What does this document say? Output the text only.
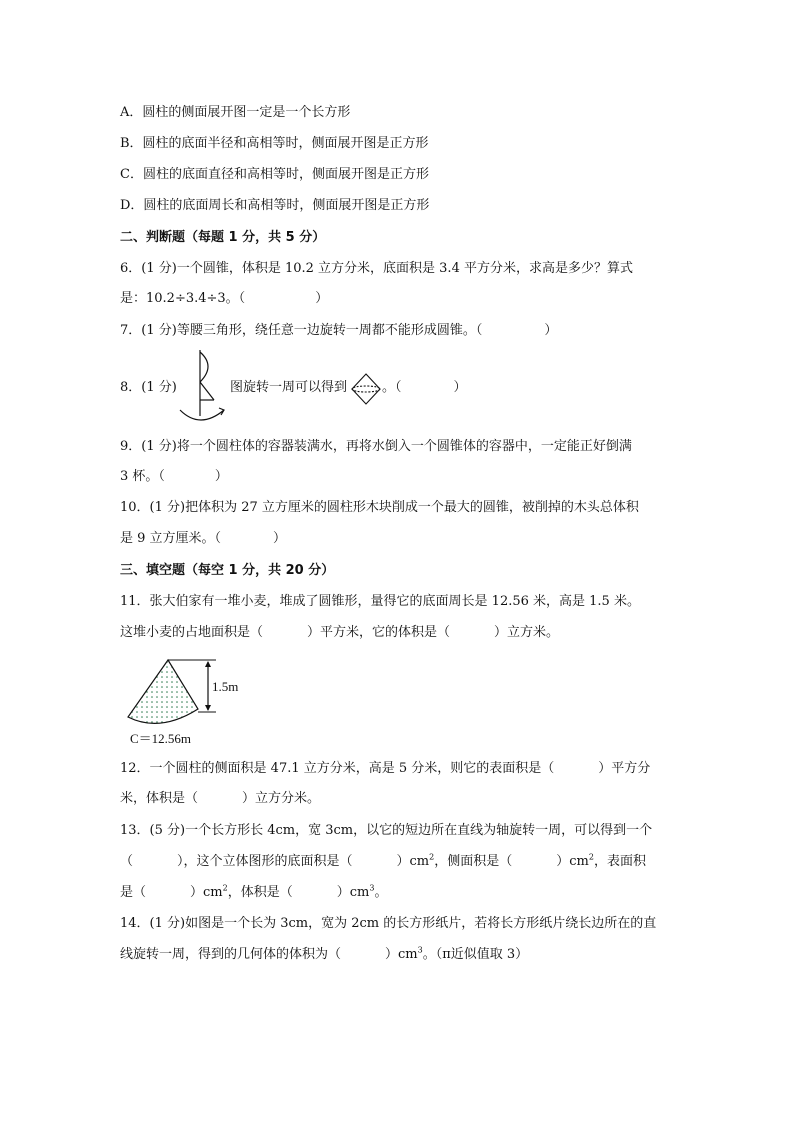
A．圆柱的侧面展开图一定是一个长方形
B．圆柱的底面半径和高相等时，侧面展开图是正方形
C．圆柱的底面直径和高相等时，侧面展开图是正方形
D．圆柱的底面周长和高相等时，侧面展开图是正方形
二、判断题（每题 1 分，共 5 分）
6．(1 分)一个圆锥，体积是 10.2 立方分米，底面积是 3.4 平方分米，求高是多少？算式
是：10.2÷3.4÷3。（	）
7．(1 分)等腰三角形，绕任意一边旋转一周都不能形成圆锥。（	）
8．(1 分)	图旋转一周可以得到	。（	）
9．(1 分)将一个圆柱体的容器装满水，再将水倒入一个圆锥体的容器中，一定能正好倒满
3 杯。（	）
10．(1 分)把体积为 27 立方厘米的圆柱形木块削成一个最大的圆锥，被削掉的木头总体积
是 9 立方厘米。（	）
三、填空题（每空 1 分，共 20 分）
11．张大伯家有一堆小麦，堆成了圆锥形，量得它的底面周长是 12.56 米，高是 1.5 米。
这堆小麦的占地面积是（	）平方米，它的体积是（	）立方米。
1.5m
C＝12.56m
12．一个圆柱的侧面积是 47.1 立方分米，高是 5 分米，则它的表面积是（	）平方分
米，体积是（	）立方分米。
13．(5 分)一个长方形长 4cm，宽 3cm，以它的短边所在直线为轴旋转一周，可以得到一个
（	），这个立体图形的底面积是（	）$cm^2$，侧面积是（	）$cm^2$，表面积
是（	）$cm^2$，体积是（	）$cm^3$。
14．(1 分)如图是一个长为 3cm，宽为 2cm 的长方形纸片，若将长方形纸片绕长边所在的直
线旋转一周，得到的几何体的体积为（	）$cm^3$。（π近似值取 3）
